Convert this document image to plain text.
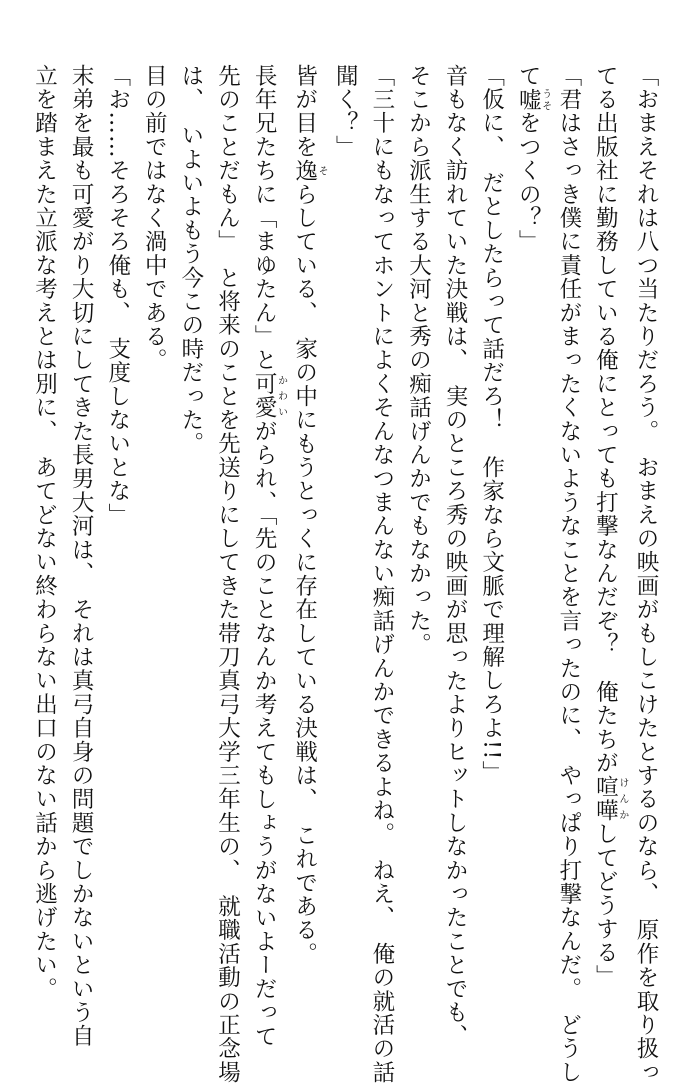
「おまえそれは八つ当たりだろう。　おまえの映画がもしこけたとするのなら、　原作を取り扱っ
てる出版社に勤務している俺にとっても打撃なんだぞ？　俺たちが喧嘩けんかしてどうする」
「君はさっき僕に責任がまったくないようなことを言ったのに、　やっぱり打撃なんだ。　どうし
て嘘うそをつくの？」
「仮に、　だとしたらって話だろ！　作家なら文脈で理解しろよ!!」
音もなく訪れていた決戦は、　実のところ秀の映画が思ったよりヒットしなかったことでも、
そこから派生する大河と秀の痴話げんかでもなかった。
「三十にもなってホントによくそんなつまんない痴話げんかできるよね。　ねえ、　俺の就活の話
聞く？」
皆が目を逸そらしている、　家の中にもうとっくに存在している決戦は、　これである。
長年兄たちに「まゆたん」と可愛かわいがられ、「先のことなんか考えてもしょうがないよーだって
先のことだもん」　と将来のことを先送りにしてきた帯刀真弓大学三年生の、　就職活動の正念場
は、　いよいよもう今この時だった。
目の前ではなく渦中である。
「お……そろそろ俺も、　支度しないとな」
末弟を最も可愛がり大切にしてきた長男大河は、　それは真弓自身の問題でしかないという自
立を踏まえた立派な考えとは別に、　あてどない終わらない出口のない話から逃げたい。
